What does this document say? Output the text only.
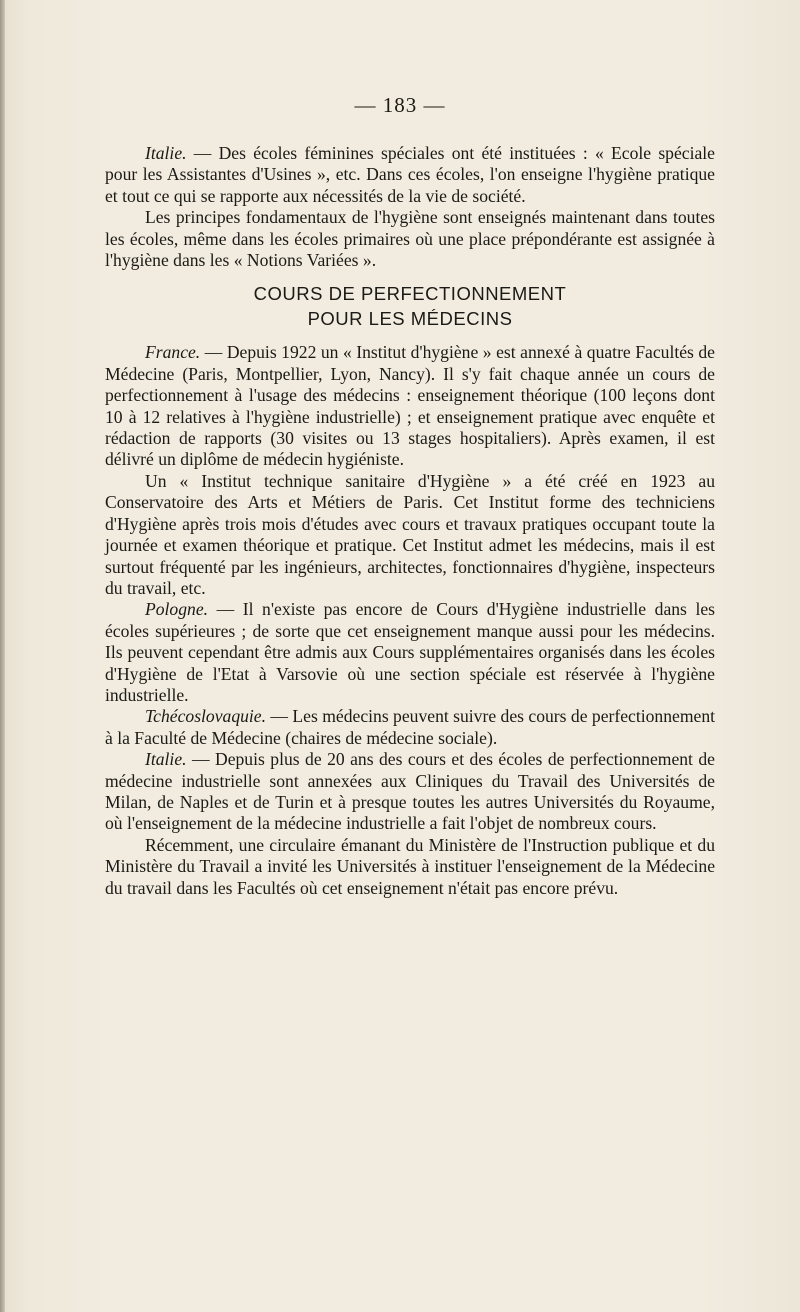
— 183 —

Italie. — Des écoles féminines spéciales ont été instituées : « Ecole spéciale pour les Assistantes d'Usines », etc. Dans ces écoles, l'on enseigne l'hygiène pratique et tout ce qui se rapporte aux nécessités de la vie de société.

Les principes fondamentaux de l'hygiène sont enseignés maintenant dans toutes les écoles, même dans les écoles primaires où une place prépondérante est assignée à l'hygiène dans les « Notions Variées ».

COURS DE PERFECTIONNEMENT
POUR LES MÉDECINS

France. — Depuis 1922 un « Institut d'hygiène » est annexé à quatre Facultés de Médecine (Paris, Montpellier, Lyon, Nancy). Il s'y fait chaque année un cours de perfectionnement à l'usage des médecins : enseignement théorique (100 leçons dont 10 à 12 relatives à l'hygiène industrielle) ; et enseignement pratique avec enquête et rédaction de rapports (30 visites ou 13 stages hospitaliers). Après examen, il est délivré un diplôme de médecin hygiéniste.

Un « Institut technique sanitaire d'Hygiène » a été créé en 1923 au Conservatoire des Arts et Métiers de Paris. Cet Institut forme des techniciens d'Hygiène après trois mois d'études avec cours et travaux pratiques occupant toute la journée et examen théorique et pratique. Cet Institut admet les médecins, mais il est surtout fréquenté par les ingénieurs, architectes, fonctionnaires d'hygiène, inspecteurs du travail, etc.

Pologne. — Il n'existe pas encore de Cours d'Hygiène industrielle dans les écoles supérieures ; de sorte que cet enseignement manque aussi pour les médecins. Ils peuvent cependant être admis aux Cours supplémentaires organisés dans les écoles d'Hygiène de l'Etat à Varsovie où une section spéciale est réservée à l'hygiène industrielle.

Tchécoslovaquie. — Les médecins peuvent suivre des cours de perfectionnement à la Faculté de Médecine (chaires de médecine sociale).

Italie. — Depuis plus de 20 ans des cours et des écoles de perfectionnement de médecine industrielle sont annexées aux Cliniques du Travail des Universités de Milan, de Naples et de Turin et à presque toutes les autres Universités du Royaume, où l'enseignement de la médecine industrielle a fait l'objet de nombreux cours.

Récemment, une circulaire émanant du Ministère de l'Instruction publique et du Ministère du Travail a invité les Universités à instituer l'enseignement de la Médecine du travail dans les Facultés où cet enseignement n'était pas encore prévu.
